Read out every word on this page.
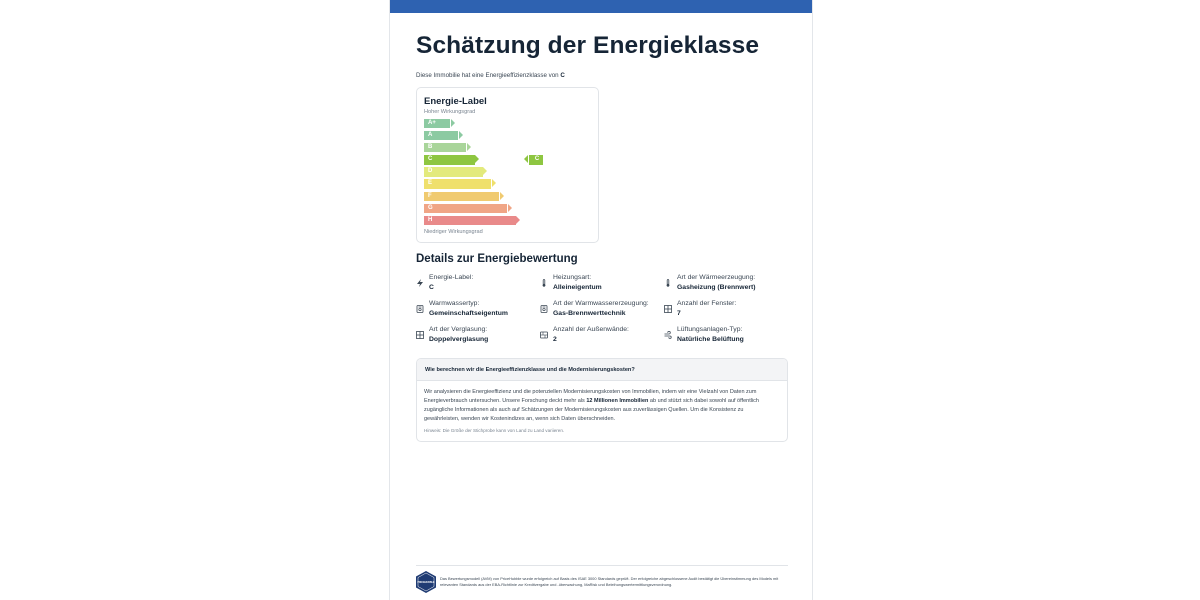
Schätzung der Energieklasse

Diese Immobilie hat eine Energieeffizienzklasse von C

Energie-Label
Hoher Wirkungsgrad
A+
A
B
C	C
D
E
F
G
H
Niedriger Wirkungsgrad
Details zur Energiebewertung
Energie-Label:
C
Heizungsart:
Alleineigentum
Art der Wärmeerzeugung:
Gasheizung (Brennwert)
Warmwassertyp:
Gemeinschaftseigentum
Art der Warmwassererzeugung:
Gas-Brennwerttechnik
Anzahl der Fenster:
7
Art der Verglasung:
Doppelverglasung
Anzahl der Außenwände:
2
Lüftungsanlagen-Typ:
Natürliche Belüftung
Wie berechnen wir die Energieeffizienzklasse und die Modernisierungskosten?
Wir analysieren die Energieeffizienz und die potenziellen Modernisierungskosten von Immobilien, indem wir eine Vielzahl von Daten zum Energieverbrauch untersuchen. Unsere Forschung deckt mehr als 12 Millionen Immobilien ab und stützt sich dabei sowohl auf öffentlich zugängliche Informationen als auch auf Schätzungen der Modernisierungskosten aus zuverlässigen Quellen. Um die Konsistenz zu gewährleisten, wenden wir Kostenindizes an, wenn sich Daten überschneiden.
Hinweis: Die Größe der Stichprobe kann von Land zu Land variieren.
PRICEHUBBLE
Das Bewertungsmodell (AVM) von PriceHubble wurde erfolgreich auf Basis des ISAE 3000 Standards geprüft. Der erfolgreiche abgeschlossene Audit bestätigt die Übereinstimmung des Models mit relevanten Standards aus der EBA-Richtlinie zur Kreditvergabe und -überwachung, MaRisk und Beleihungswertermittlungsverordnung.
